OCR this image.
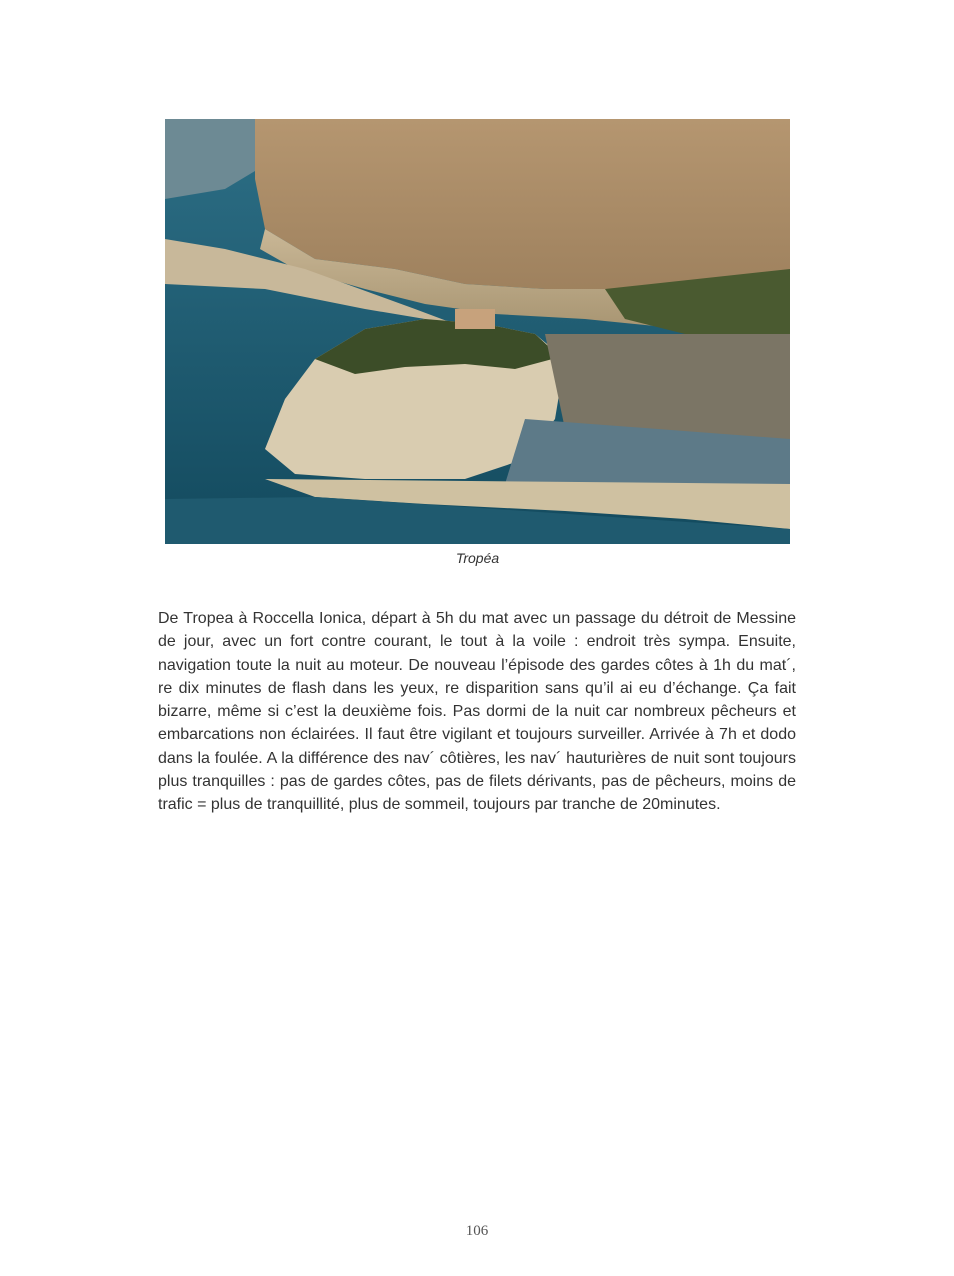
Tropéa

De Tropea à Roccella Ionica, départ à 5h du mat avec un passage du détroit de Messine de jour, avec un fort contre courant, le tout à la voile : endroit très sympa. Ensuite, navigation toute la nuit au moteur. De nouveau l’épisode des gardes côtes à 1h du mat´, re dix minutes de flash dans les yeux, re disparition sans qu’il ai eu d’échange. Ça fait bizarre, même si c’est la deuxième fois. Pas dormi de la nuit car nombreux pêcheurs et embarcations non éclairées. Il faut être vigilant et toujours surveiller. Arrivée à 7h et dodo dans la foulée. A la différence des nav´ côtières, les nav´ hauturières de nuit sont toujours plus tranquilles : pas de gardes côtes, pas de filets dérivants, pas de pêcheurs, moins de trafic = plus de tranquillité, plus de sommeil, toujours par tranche de 20minutes.

106
